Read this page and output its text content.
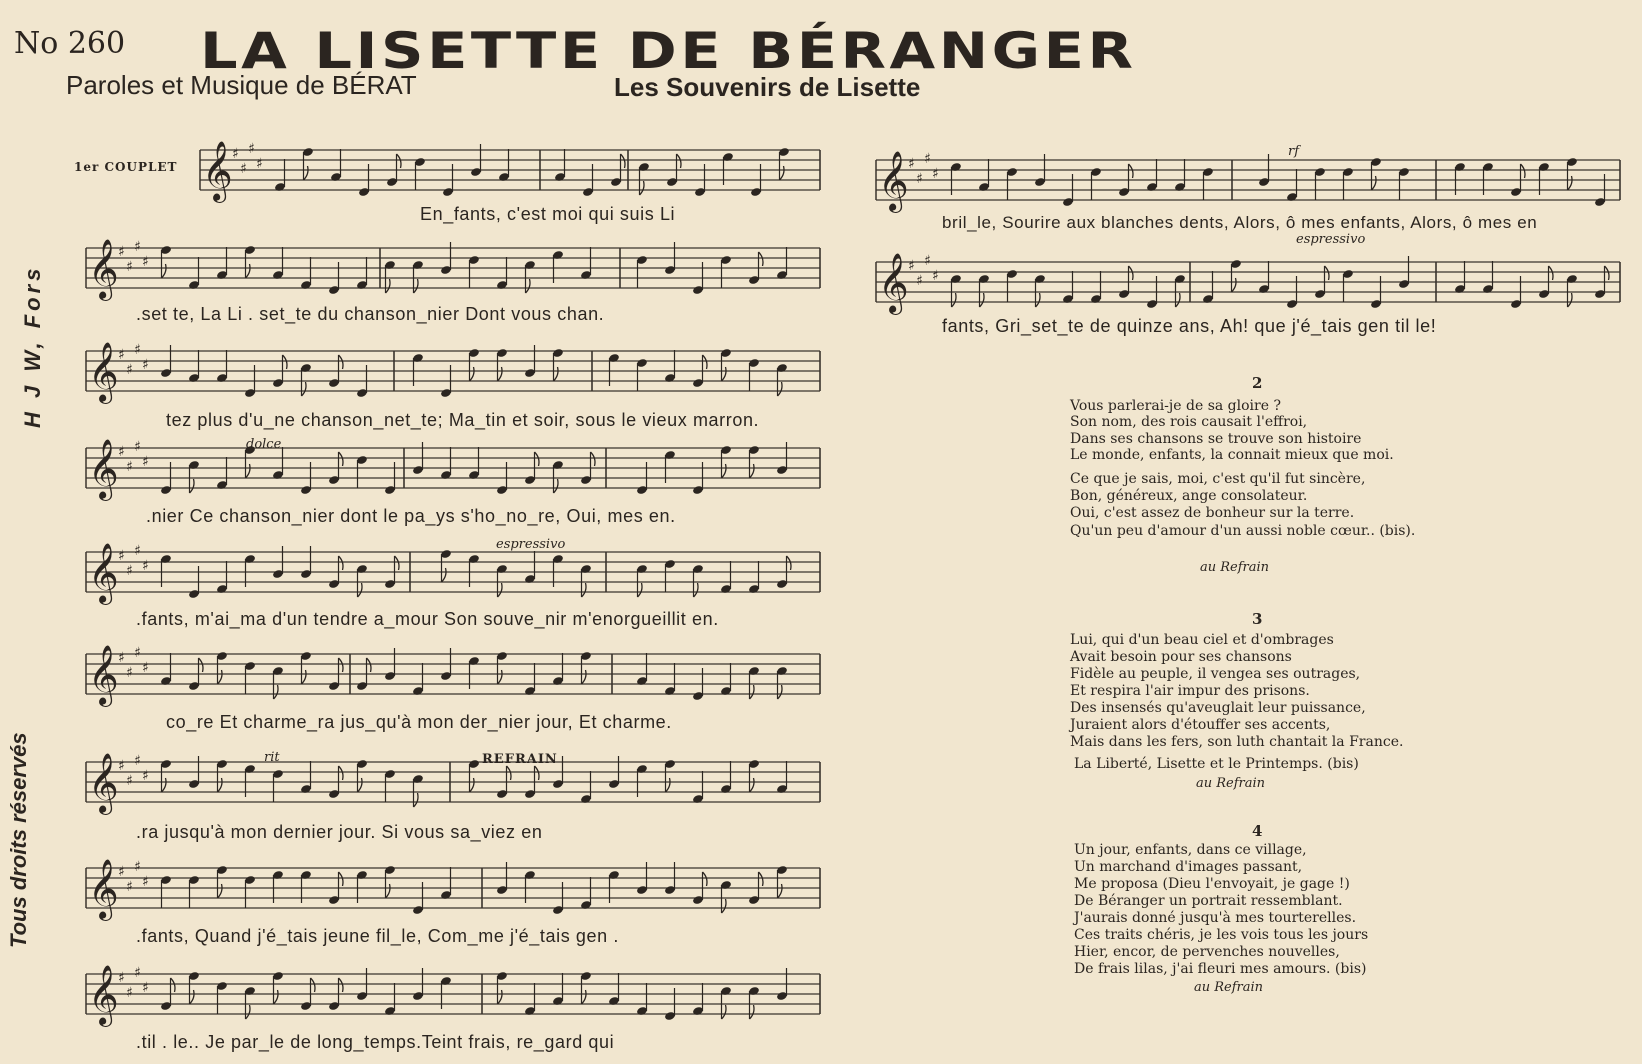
No 260 LA LISETTE DE BÉRANGER
Paroles et Musique de BÉRAT	Les Souvenirs de Lisette
H J W, Fors
Tous droits réservés
1er COUPLET 𝄞 ♯
♯
♯
♯
𝄞 ♯
♯
♯
♯
𝄞 ♯
♯
♯
♯
𝄞 ♯
♯
♯
♯
𝄞 ♯
♯
♯
♯
𝄞 ♯
♯
♯
♯
𝄞 ♯
♯
♯
♯
𝄞 ♯
♯
♯
♯
𝄞 ♯
♯
♯
♯
𝄞 ♯
♯
♯
♯
𝄞 ♯
♯
♯
♯
En_fants, c'est moi qui suis Li
.set te, La Li . set_te du chanson_nier Dont vous chan.
tez plus d'u_ne chanson_net_te; Ma_tin et soir, sous le vieux marron.
.nier Ce chanson_nier dont le pa_ys s'ho_no_re, Oui, mes en.
.fants, m'ai_ma d'un tendre a_mour Son souve_nir m'enorgueillit en.
co_re Et charme_ra jus_qu'à mon der_nier jour, Et charme.
.ra jusqu'à mon dernier jour. Si vous sa_viez en
.fants, Quand j'é_tais jeune fil_le, Com_me j'é_tais gen .
.til . le.. Je par_le de long_temps.Teint frais, re_gard qui
bril_le, Sourire aux blanches dents, Alors, ô mes enfants, Alors, ô mes en
fants, Gri_set_te de quinze ans, Ah! que j'é_tais gen til le!
dolce
espressivo
espressivo
rit	REFRAIN
rf
2
Vous parlerai-je de sa gloire ?
Son nom, des rois causait l'effroi,
Dans ses chansons se trouve son histoire
Le monde, enfants, la connait mieux que moi.
Ce que je sais, moi, c'est qu'il fut sincère,
Bon, généreux, ange consolateur.
Oui, c'est assez de bonheur sur la terre.
Qu'un peu d'amour d'un aussi noble cœur.. (bis).
au Refrain
3
Lui, qui d'un beau ciel et d'ombrages
Avait besoin pour ses chansons
Fidèle au peuple, il vengea ses outrages,
Et respira l'air impur des prisons.
Des insensés qu'aveuglait leur puissance,
Juraient alors d'étouffer ses accents,
Mais dans les fers, son luth chantait la France.
La Liberté, Lisette et le Printemps. (bis)
au Refrain
4
Un jour, enfants, dans ce village,
Un marchand d'images passant,
Me proposa (Dieu l'envoyait, je gage !)
De Béranger un portrait ressemblant.
J'aurais donné jusqu'à mes tourterelles.
Ces traits chéris, je les vois tous les jours
Hier, encor, de pervenches nouvelles,
De frais lilas, j'ai fleuri mes amours. (bis)
au Refrain
